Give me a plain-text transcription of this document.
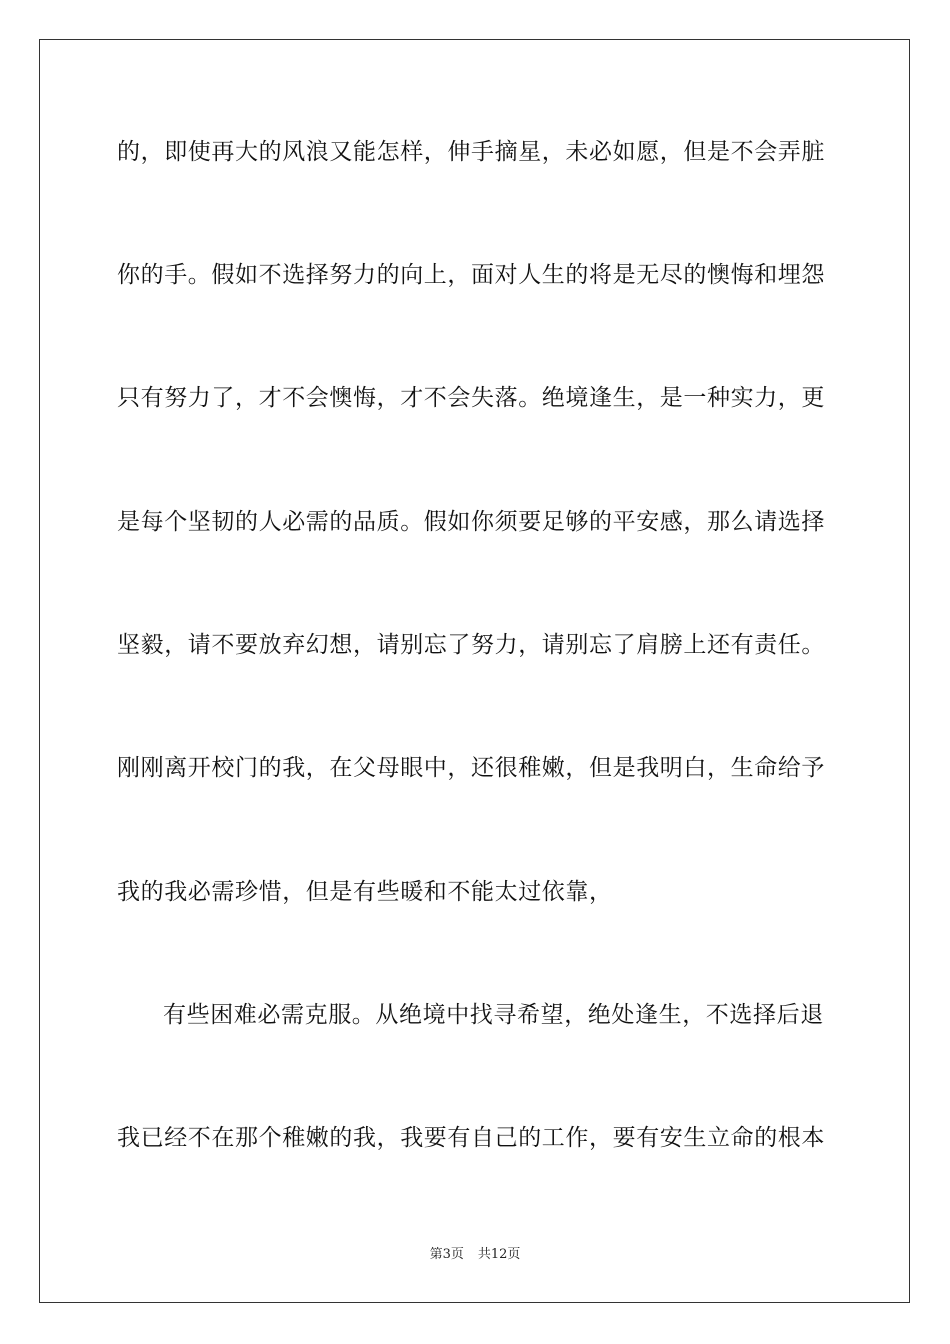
的，即使再大的风浪又能怎样，伸手摘星，未必如愿，但是不会弄脏
你的手。假如不选择努力的向上，面对人生的将是无尽的懊悔和埋怨
只有努力了，才不会懊悔，才不会失落。绝境逢生，是一种实力，更
是每个坚韧的人必需的品质。假如你须要足够的平安感，那么请选择
坚毅，请不要放弃幻想，请别忘了努力，请别忘了肩膀上还有责任。
刚刚离开校门的我，在父母眼中，还很稚嫩，但是我明白，生命给予
我的我必需珍惜，但是有些暖和不能太过依靠，
有些困难必需克服。从绝境中找寻希望，绝处逢生，不选择后退
我已经不在那个稚嫩的我，我要有自己的工作，要有安生立命的根本
第3页 共12页
